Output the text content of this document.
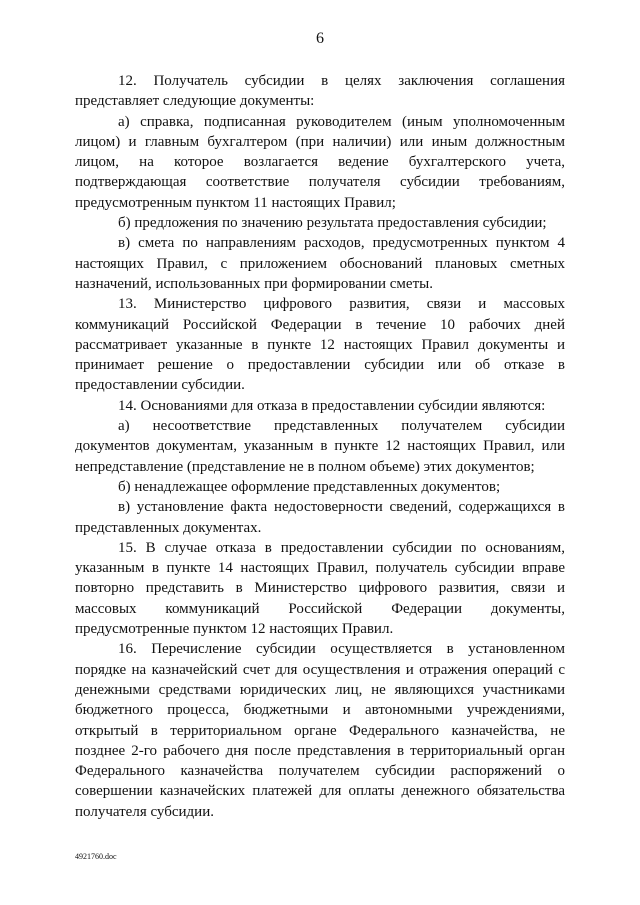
6

12. Получатель субсидии в целях заключения соглашения представляет следующие документы:

а) справка, подписанная руководителем (иным уполномоченным лицом) и главным бухгалтером (при наличии) или иным должностным лицом, на которое возлагается ведение бухгалтерского учета, подтверждающая соответствие получателя субсидии требованиям, предусмотренным пунктом 11 настоящих Правил;

б) предложения по значению результата предоставления субсидии;

в) смета по направлениям расходов, предусмотренных пунктом 4 настоящих Правил, с приложением обоснований плановых сметных назначений, использованных при формировании сметы.

13. Министерство цифрового развития, связи и массовых коммуникаций Российской Федерации в течение 10 рабочих дней рассматривает указанные в пункте 12 настоящих Правил документы и принимает решение о предоставлении субсидии или об отказе в предоставлении субсидии.

14. Основаниями для отказа в предоставлении субсидии являются:

а) несоответствие представленных получателем субсидии документов документам, указанным в пункте 12 настоящих Правил, или непредставление (представление не в полном объеме) этих документов;

б) ненадлежащее оформление представленных документов;

в) установление факта недостоверности сведений, содержащихся в представленных документах.

15. В случае отказа в предоставлении субсидии по основаниям, указанным в пункте 14 настоящих Правил, получатель субсидии вправе повторно представить в Министерство цифрового развития, связи и массовых коммуникаций Российской Федерации документы, предусмотренные пунктом 12 настоящих Правил.

16. Перечисление субсидии осуществляется в установленном порядке на казначейский счет для осуществления и отражения операций с денежными средствами юридических лиц, не являющихся участниками бюджетного процесса, бюджетными и автономными учреждениями, открытый в территориальном органе Федерального казначейства, не позднее 2-го рабочего дня после представления в территориальный орган Федерального казначейства получателем субсидии распоряжений о совершении казначейских платежей для оплаты денежного обязательства получателя субсидии.

4921760.doc
